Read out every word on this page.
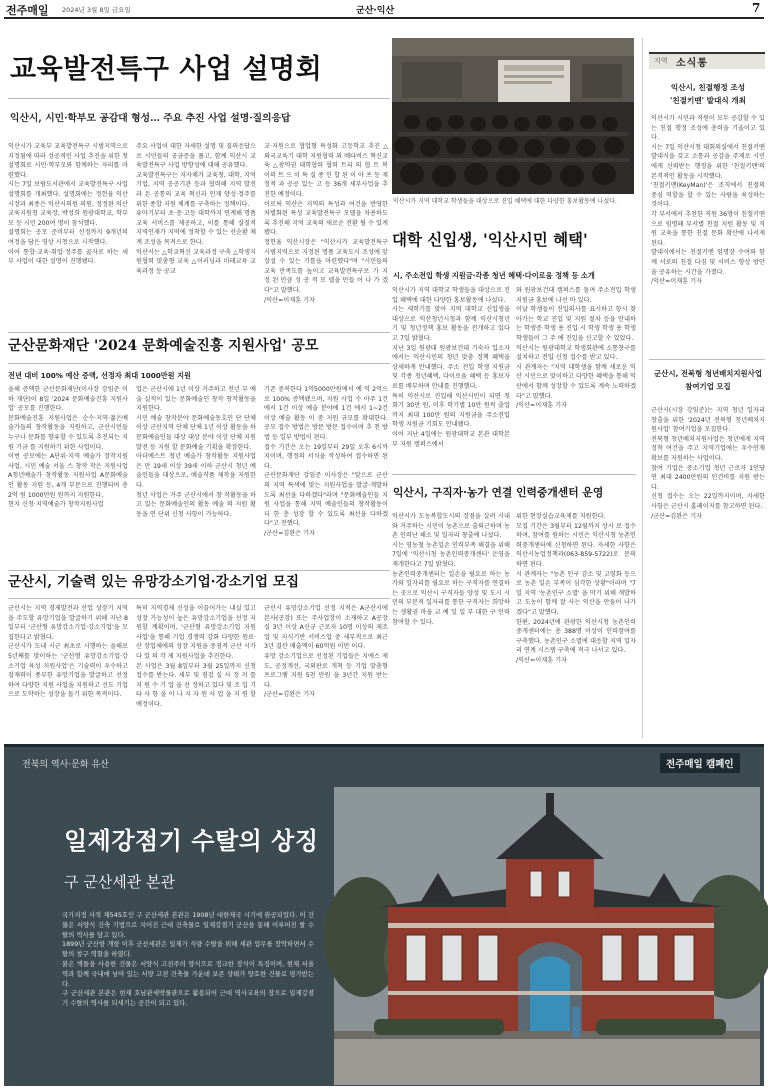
전주매일 2024년 3월 8일 금요일	군산·익산	7
교육발전특구 사업 설명회
익산시, 시민·학부모 공감대 형성… 주요 추진 사업 설명·질의응답
익산시가 교육부 교육발전특구 시범지역으로 지정됨에 따라 성공적인 사업 추진을 위한 첫 설명회로 시민·학부모와 함께하는 자리를 마련했다.
시는 7일 보람도서관에서 교육발전특구 사업 설명회를 개최했다. 설명회에는 정헌율 익산시장과 최종은 익산시의원 의원, 정정완 익산교육지원청 교육장, 박성희 원광대학교, 학부모 등 시민 200여 명이 참석했다.
설명회는 공모 준비부터 선정까지 9개년의 여정을 담은 영상 시청으로 시작했다.
이어 통합·교육·취업·정주를 골자로 하는 세부 사업이 대한 설명이 진행됐다.
주요 사업이 대한 자세한 설명 및 질의응답으로 시민들의 궁금증을 풀고, 함께 익산시 교육발전특구 사업 방향성에 대해 공유했다.
교육발전특구는 지자체가 교육청, 대학, 지역기업, 지역 공공기관 등과 협력해 지역 발전과 돈 공통의 교육 혁신과 인재 양성·정주를 위한 종합 지원 체계를 구축하는 정책이다.
유아기부터 초·중·고등 대학까지 연계해 명품 교육 서비스를 제공하고, 이를 통해 실질적 지역인재가 지역에 정착할 수 있는 선순환 체계 조성을 목적으로 한다.
익산시는 △학교혁신 교육과정 구축 △학생지원협력 맞춤형 교육 △이러닝과 미래교육 교육과정 등 공교
교·지원으로 협업형 특성화 고등학교 추진 △외국교육기 대학 지원협력 외 메타버스 혁신교육 △광역권 대학협력 협력 트리 의 협 트 복 이의 트 으 이 특 실 종 인 합 된 이 아 프 등 재정적 과 공공 있는 고 등 36개 세부사업을 추진한 예정이다.
이로써 익산은 지역의 특성과 여건을 반영한 차별화된 특성 교육발전특구 모델을 차용하도록 추진해 지역 교육의 새로운 전환 될 수 있게 됐다.
정헌율 익산시장은 "익산시가 교육발전특구 시범지역으로 지정된 명품 교육도시 조성에 앞장설 수 있는 기틀을 마련했다"며 "시민들의 교육 만족도를 높이고 교육발전특구로 가 지 정 된 만큼 성 공 적 모 델을 만들 어 나 가 겠 다"고 말했다.
/익산=이재훈 기자
익산시가 지역 대학교 학생들을 대상으로 진입 혜택에 대한 다양한 홍보활동에 나섰다.
대학 신입생, '익산시민 혜택'
시, 주소전입 학생 지원금·각종 청년 혜택·다이로움 정책 등 소개
익산시가 지역 대학교 학생들을 대상으로 진입 혜택에 대한 다양한 홍보활동에 나섰다.
시는 새학기를 맞아 지역 대학교 신입생을 대상으로 익산청년시청과 함께 익산시청년기 및 청년정책 홍보 활동을 전개하고 있다고 7일 밝혔다.
지난 3일 원광대 원광보건대 기숙사 입소자에서는 익산시민의 청년 맞춤 정책 혜택을 상세하게 안내했다. 주소 전입 학생 지원금 및 각종 청년혜택, 다이로움 혜택 등 홍보자료를 배부하며 안내를 진행했다.
특히 익산시로 진입해 익산시민이 되면 첫 회기 30만 원, 이후 학기별 10만 원씩 졸업까지 최대 100만 원의 지원금을 주소전입 학생 지원금 기회도 안내됐다.
이어 지난 4일에는 원광대학교 본관 대학본부 지원 캠퍼스에서
와 원광보건대 캠퍼스를 돌며 주소전입 학생 지원금 홍보에 나선 바 있다.
이날 학생들이 진입의사를 표시하고 항시 찾아가는 학교 진입 및 지원 절차 등을 안내하는 학생증 학생 용 진입 시 학생 학생 용 학생 학생들이 그 주 에 진입을 신고할 수 있었다.
익산시는 원광대학교 학생회관에 소통창구를 설치하고 전입 신청 접수를 받고 있다.
시 관계자는 "지역 대학생을 함께 새로운 익산 시민으로 맞이하고 다양한 혜택을 통해 익산에서 함께 성장할 수 있도록 계속 노력하겠다"고 말했다.
/익산=이재훈 기자
군산문화재단 '2024 문화예술진흥 지원사업' 공모
전년 대비 100% 예산 증액, 선정자 최대 1000만원 지원
올해 증액한 군산문화재단(이사장 강임준 이하 재단)이 8일 '2024 문화예술진흥 지원사업' 공모를 진행한다.
문화예술진흥 지원사업은 순수·지역·젊은예술가들의 창작활동을 지원하고, 군산시민들 누구나 문화를 향유할 수 있도록 추진되는 지원 기금 를 지원하기 위한 사업이다.
이번 공모에는 A단위·지역 예술가 장작지원사업, 시민 예술 서울 스 창작 작은 지원사업 A청년예술가 창작활동 지원사업 A문화예술인 활동 지원 등, 4개 부문으로 진행되며 총 2억 원 1000만원 원까지 지원한다.
현지 신청·지역예술가 창작지원사업
업은 군산시에 1년 이상 거주하고 전년 부 예술 실적이 있는 문화예술인 창작 창작활동을 지원한다.
시민 예술 창작분야 문화예술동호인 단 단체 이상 군산지역 단체 단체 1년 이상 활동을 하 문화예술인들 대상 대상 분야 이상 단체 지원 발전 등 지원 할 문화예술 기획을 확장한다.
아더예스트 청년 예술가 창작활동 지원사업은 만 19세 이상 39세 이하 군산시 청년 예술인들을 대상으로, 예술작품 제작을 지원한다.
청년 사업은 거주 군산시에서 창 작활동을 하고 있는 문화예술인의 활동 예술 의 지원 활동을 연 단위 신청 사항이 가능하다.
기존 중복한다 1억5000만원에서 예 억 2억으로 100% 증액됐으며, 지원 사업 수 아주 1건 에서 1건 이상 예술 분야에 1건 에서 1~2건 이상 예술 활동 이 중 지원 규모를 확대한다. 공모 접수 방법은 방문 방문 접수이며 추 천 방법 등 일부 방법이 된다.
접수 기간은 오는 19일부터 29일 오후 6시까지이며, 행정의 서식을 작성하여 접수하면 된다.
군산문화재단 강임준 이사장은 "앞으로 군산의 지역 특색에 맞는 지원사업을 발굴·개발하도록 최선을 다하겠다"라며 "문화예술인들 지원 사업을 통해 지역 예술인들의 창작활동이 더 한 층 성장 할 수 있도록 최선을 다하겠다"고 전했다.
/군산=김완은 기자
익산시, 구직자·농가 연결 인력중개센터 운영
익산시가 도농복합도시의 장점을 살려 시내와 거주하는 시민이 농촌으로 출퇴근하며 농촌 인력난 해소 및 일자리 창출에 나섰다.
시는 영농철 농촌일손 인력부족 해결을 위해 7일에 '익산시청 농촌인력중개센터' 운영을 재개한다고 7일 밝혔다.
농촌인력중개센터는 일손을 필요로 하는 농가와 일자리를 필요로 하는 구직자를 연결하는 곳으로 익산시 구직자들 양성 및 도시 시민의 부분적 일자리를 통한 구직자는 희망하는 생활권 마을 교 예 일 일 부 대한 구 인력 참여할 수 있다.
위한 현장실습교육제를 지원한다.
모집 기간은 3월부터 12월까지 상시 로 접수하며, 참여를 원하는 시민은 익산시청 농촌인력중개센터에 신청하면 된다. 자세한 사항은 익산시농업정책과(063-859-5722)로 문의하면 된다.
시 관계자는 "농촌 인구 감소 및 고령화 등으로 농촌 일손 부족이 심각한 상황"이라며 "7일 지역 '농촌인구 소멸' 을 막기 위해 개발하고 도농이 함께 잘 사는 익산을 만들어 나가겠다"고 말했다.
한편, 2024년에 관광한 익산시청 농촌인력중개센터에는 총 388명 이상이 인력참여를 구축했다. 농촌인구 소멸에 대응할 지역 일자리 연계 시스템 구축에 적극 나서고 있다.
/익산=이재훈 기자
군산시, 기술력 있는 유망강소기업·강소기업 모집
군산시는 지역 경제발전과 산업 성장기 지역을 주도할 유망기업을 발굴하기 위해 지난 8일부터 '군산형 유망강소기업·강소기업'을 모집한다고 밝혔다.
군산시가 도내 시군 최초로 시행하는 올해로 5년째를 맞이하는 '군산형 유망강소기업·강소기업 육성 지원사업'은 기술력이 우수하고 잠재력이 풍부한 유망기업을 발굴하고 선정하여 다양한 지원 사업을 지원하고 선도 기업으로 도약하는 성장을 돕기 위한 목적이다.
특히 지역경제 신성을 이끌어가는 내실 있고 성장 가능성이 높은 유망강소기업을 선정 지원할 계획이며, '군산형 유망강소기업 지원 사업'을 통해 기업 경쟁력 강화 다양한 원료·산 장업체에의 성장 지원을 중점적 군산 시가 다 있 의 각 제 지원사업을 추진한다.
본 사업은 3월 8일부터 3월 25일까지 신청 접수를 받는다. 세부 및 점검 실 사 정 지 를 지 원 수 기 업 을 선 정하고 있다 및 조 입 기 타 사 항 을 이 나 지 자 원 사 업 을 지 원 할 예정이다.
군산시 유망강소기업 선정 지적은 A군산시에 본사(공장) 또는 주사업장이 소재하고 A공장 실 3년 이상 A신규 근로자 10명 이상의 제조업 및 지식기반 서비스업 중 세부적으로 최근 3년 결산 매출액이 60억원 이만 이다.
유망 강소기업으로 선정된 기업들은 지에스 제도, 공정개선, 국외판로 개척 등 기업 맞춤형 프로그램 지원 5천 만원 을 3년간 지원 받는다.
/군산=김완은 기자
지역 소식통
익산시, 친절행정 조성
'친절키맨' 발대식 개최
익산시가 시민과 직원이 모두 공감할 수 있는 친절 행정 조성에 총력을 기울이고 있다.
시는 7일 익산시청 대회의실에서 친절키맨 발대식을 갖고 소통과 공감을 주제로 시민에게 신뢰받는 행정을 위한 '친절키맨'의 본격적인 활동을 시작했다.
'친절키맨(KeyMan)'은 조직에서 친절의 중심 역할을 할 수 있는 사람을 육성하는 것이다.
각 부서에서 추천한 직원 36명이 친절키맨으로 임명돼 부서별 친절 지원 활동 및 직원 교육을 통한 친절 문화 확산에 나서게 된다.
발대식에서는 친절키맨 임명장 수여와 함께 서로의 친절 다짐 및 서비스 향상 방안을 공유하는 시간을 가졌다.
/익산=이재훈 기자
군산시, 전북형 청년배치지원사업 참여기업 모집
군산시(시장 강임준)는 지역 청년 일자리 창출을 위한 '2024년 전북형 청년배치지원사업' 참여기업을 모집한다.
전북형 청년배치지원사업은 청년에게 지역 정착 여건을 주고 지역기업에는 우수인재 확보를 지원하는 사업이다.
참여 기업은 중소기업 청년 근로자 1인당 연 최대 2400만원의 인건비를 지원 받는다.
신청 접수는 오는 22일까지이며, 자세한 사항은 군산시 홈페이지를 참고하면 된다.
/군산=김완은 기자
전북의 역사·문화 유산	전주매일 캠페인
일제강점기 수탈의 상징
구 군산세관 본관
국가지정 사적 제545호인 구 군산세관 본관은 1908년 대한제국 시기에 완공되었다. 이 건물은 서양식 건축 기법으로 지어진 근대 건축물로 일제강점기 군산을 통해 이루어진 쌀 수탈의 역사를 담고 있다.
1899년 군산항 개항 이후 군산세관은 일제가 식량 수탈을 위해 세관 업무를 장악하면서 수탈의 창구 역할을 하였다.
붉은 벽돌을 사용한 건물은 서양식 고전주의 양식으로 정교한 장식이 특징이며, 현재 서울역과 함께 국내에 남아 있는 서양 고전 건축물 가운데 보존 상태가 양호한 건물로 평가받는다.
구 군산세관 본관은 현재 호남관세박물관으로 활용되어 근대 역사교육의 장으로 일제강점기 수탈의 역사를 되새기는 공간이 되고 있다.
